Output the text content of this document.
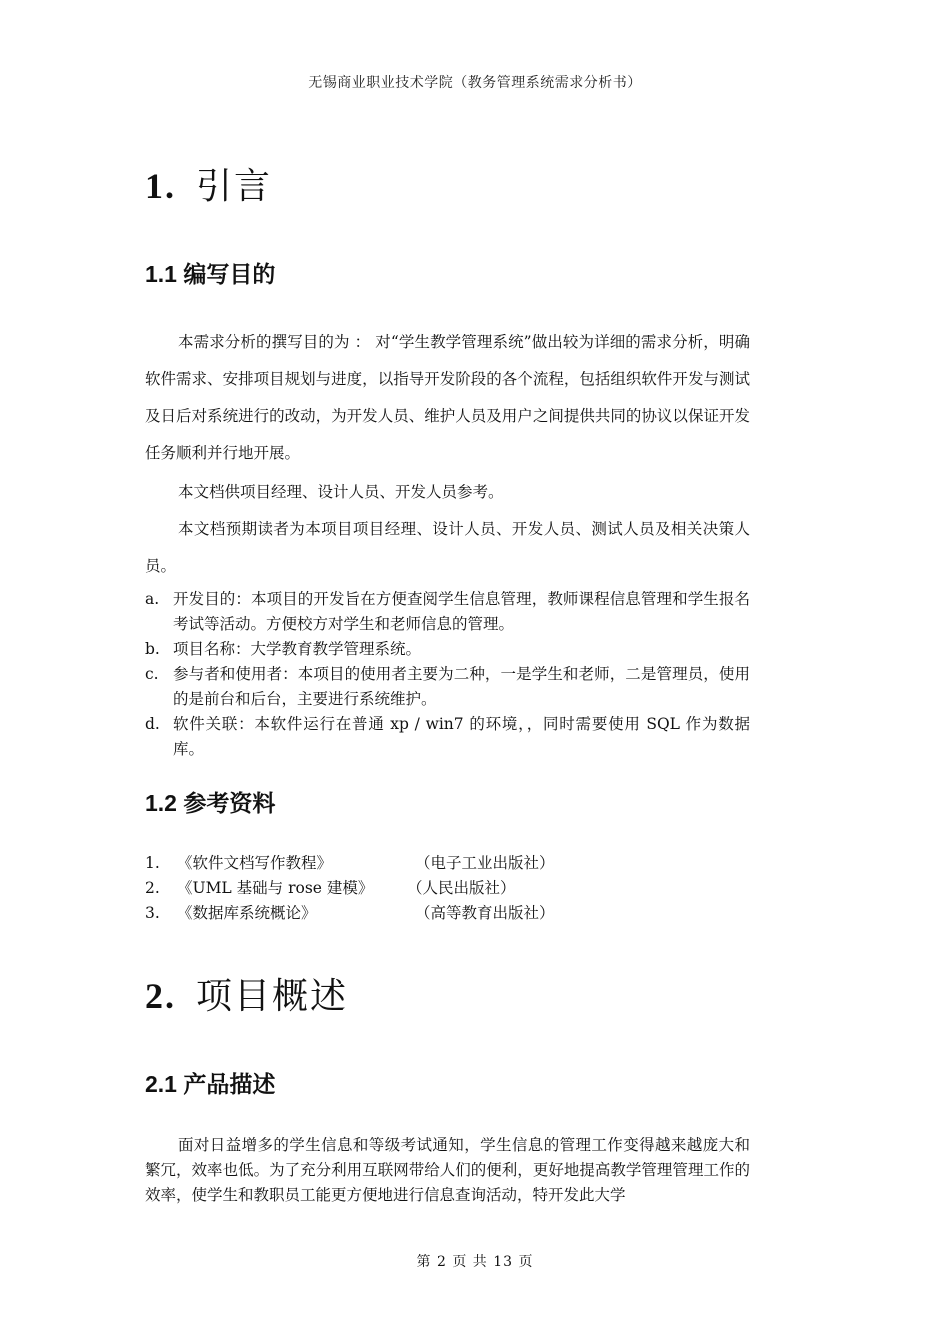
无锡商业职业技术学院（教务管理系统需求分析书）
1. 引言
1.1 编写目的
本需求分析的撰写目的为 ： 对“学生教学管理系统”做出较为详细的需求分析，明确软件需求、安排项目规划与进度，以指导开发阶段的各个流程，包括组织软件开发与测试及日后对系统进行的改动，为开发人员、维护人员及用户之间提供共同的协议以保证开发任务顺利并行地开展。
本文档供项目经理、设计人员、开发人员参考。
本文档预期读者为本项目项目经理、设计人员、开发人员、测试人员及相关决策人员。
a. 开发目的：本项目的开发旨在方便查阅学生信息管理，教师课程信息管理和学生报名考试等活动。方便校方对学生和老师信息的管理。
b. 项目名称：大学教育教学管理系统。
c. 参与者和使用者：本项目的使用者主要为二种，一是学生和老师，二是管理员，使用的是前台和后台，主要进行系统维护。
d. 软件关联：本软件运行在普通 xp / win7 的环境，，同时需要使用 SQL 作为数据库。
1.2 参考资料
1. 《软件文档写作教程》	（电子工业出版社）
2. 《UML 基础与 rose 建模》 （人民出版社）
3. 《数据库系统概论》	（高等教育出版社）
2. 项目概述
2.1 产品描述
面对日益增多的学生信息和等级考试通知，学生信息的管理工作变得越来越庞大和繁冗，效率也低。为了充分利用互联网带给人们的便利，更好地提高教学管理管理工作的效率，使学生和教职员工能更方便地进行信息查询活动，特开发此大学
第 2 页 共 13 页
